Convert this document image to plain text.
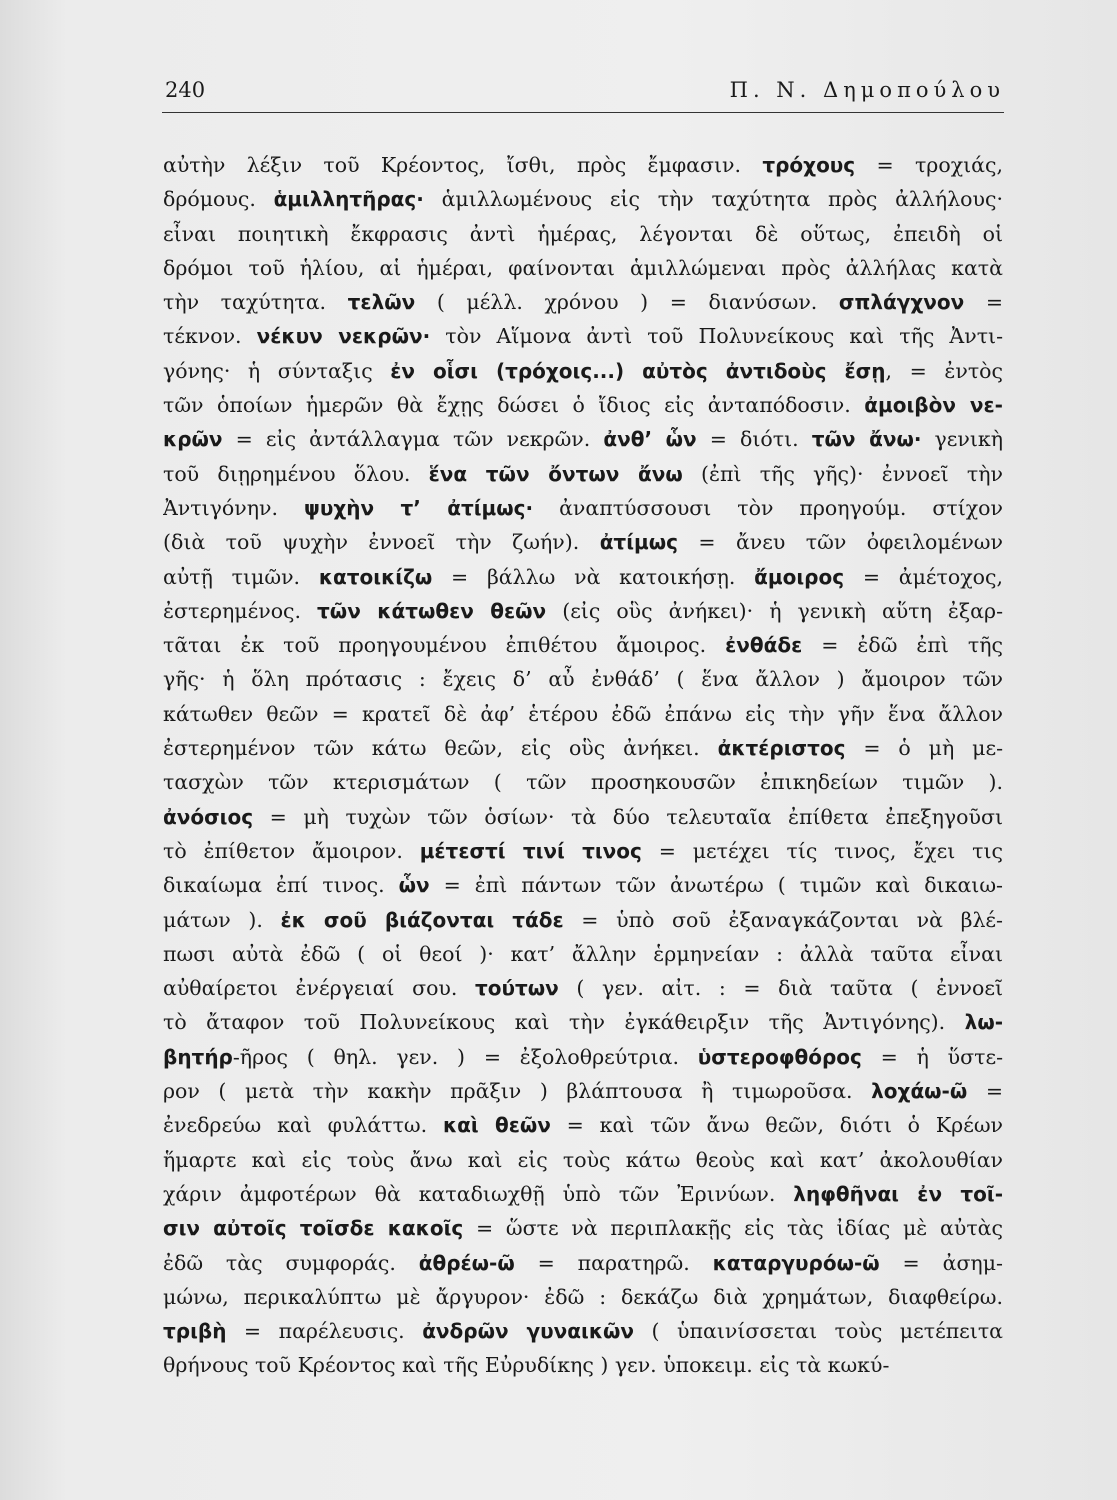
240	Π. Ν. Δημοπούλου
αὐτὴν λέξιν τοῦ Κρέοντος, ἴσθι, πρὸς ἔμφασιν. τρόχους = τροχιάς,
δρόμους. ἁμιλλητῆρας· ἁμιλλωμένους εἰς τὴν ταχύτητα πρὸς ἀλλήλους·
εἶναι ποιητικὴ ἔκφρασις ἀντὶ ἡμέρας, λέγονται δὲ οὕτως, ἐπειδὴ οἱ
δρόμοι τοῦ ἡλίου, αἱ ἡμέραι, φαίνονται ἁμιλλώμεναι πρὸς ἀλλήλας κατὰ
τὴν ταχύτητα. τελῶν ( μέλλ. χρόνου ) = διανύσων. σπλάγχνον =
τέκνον. νέκυν νεκρῶν· τὸν Αἵμονα ἀντὶ τοῦ Πολυνείκους καὶ τῆς Ἀντι-
γόνης· ἡ σύνταξις ἐν οἷσι (τρόχοις...) αὐτὸς ἀντιδοὺς ἔσῃ, = ἐντὸς
τῶν ὁποίων ἡμερῶν θὰ ἔχῃς δώσει ὁ ἴδιος εἰς ἀνταπόδοσιν. ἀμοιβὸν νε-
κρῶν = εἰς ἀντάλλαγμα τῶν νεκρῶν. ἀνθ’ ὧν = διότι. τῶν ἄνω· γενικὴ
τοῦ διῃρημένου ὅλου. ἕνα τῶν ὄντων ἄνω (ἐπὶ τῆς γῆς)· ἐννοεῖ τὴν
Ἀντιγόνην. ψυχὴν τ’ ἀτίμως· ἀναπτύσσουσι τὸν προηγούμ. στίχον
(διὰ τοῦ ψυχὴν ἐννοεῖ τὴν ζωήν). ἀτίμως = ἄνευ τῶν ὀφειλομένων
αὐτῇ τιμῶν. κατοικίζω = βάλλω νὰ κατοικήσῃ. ἄμοιρος = ἀμέτοχος,
ἐστερημένος. τῶν κάτωθεν θεῶν (εἰς οὓς ἀνήκει)· ἡ γενικὴ αὕτη ἐξαρ-
τᾶται ἐκ τοῦ προηγουμένου ἐπιθέτου ἄμοιρος. ἐνθάδε = ἐδῶ ἐπὶ τῆς
γῆς· ἡ ὅλη πρότασις : ἔχεις δ’ αὖ ἐνθάδ’ ( ἕνα ἄλλον ) ἄμοιρον τῶν
κάτωθεν θεῶν = κρατεῖ δὲ ἀφ’ ἑτέρου ἐδῶ ἐπάνω εἰς τὴν γῆν ἕνα ἄλλον
ἐστερημένον τῶν κάτω θεῶν, εἰς οὓς ἀνήκει. ἀκτέριστος = ὁ μὴ με-
τασχὼν τῶν κτερισμάτων ( τῶν προσηκουσῶν ἐπικηδείων τιμῶν ).
ἀνόσιος = μὴ τυχὼν τῶν ὁσίων· τὰ δύο τελευταῖα ἐπίθετα ἐπεξηγοῦσι
τὸ ἐπίθετον ἄμοιρον. μέτεστί τινί τινος = μετέχει τίς τινος, ἔχει τις
δικαίωμα ἐπί τινος. ὧν = ἐπὶ πάντων τῶν ἀνωτέρω ( τιμῶν καὶ δικαιω-
μάτων ). ἐκ σοῦ βιάζονται τάδε = ὑπὸ σοῦ ἐξαναγκάζονται νὰ βλέ-
πωσι αὐτὰ ἐδῶ ( οἱ θεοί )· κατ’ ἄλλην ἑρμηνείαν : ἀλλὰ ταῦτα εἶναι
αὐθαίρετοι ἐνέργειαί σου. τούτων ( γεν. αἰτ. : = διὰ ταῦτα ( ἐννοεῖ
τὸ ἄταφον τοῦ Πολυνείκους καὶ τὴν ἐγκάθειρξιν τῆς Ἀντιγόνης). λω-
βητήρ-ῆρος ( θηλ. γεν. ) = ἐξολοθρεύτρια. ὑστεροφθόρος = ἡ ὕστε-
ρον ( μετὰ τὴν κακὴν πρᾶξιν ) βλάπτουσα ἢ τιμωροῦσα. λοχάω-ῶ =
ἐνεδρεύω καὶ φυλάττω. καὶ θεῶν = καὶ τῶν ἄνω θεῶν, διότι ὁ Κρέων
ἥμαρτε καὶ εἰς τοὺς ἄνω καὶ εἰς τοὺς κάτω θεοὺς καὶ κατ’ ἀκολουθίαν
χάριν ἀμφοτέρων θὰ καταδιωχθῇ ὑπὸ τῶν Ἐρινύων. ληφθῆναι ἐν τοῖ-
σιν αὐτοῖς τοῖσδε κακοῖς = ὥστε νὰ περιπλακῇς εἰς τὰς ἰδίας μὲ αὐτὰς
ἐδῶ τὰς συμφοράς. ἀθρέω-ῶ = παρατηρῶ. καταργυρόω-ῶ = ἀσημ-
μώνω, περικαλύπτω μὲ ἄργυρον· ἐδῶ : δεκάζω διὰ χρημάτων, διαφθείρω.
τριβὴ = παρέλευσις. ἀνδρῶν γυναικῶν ( ὑπαινίσσεται τοὺς μετέπειτα
θρήνους τοῦ Κρέοντος καὶ τῆς Εὐρυδίκης ) γεν. ὑποκειμ. εἰς τὰ κωκύ-
